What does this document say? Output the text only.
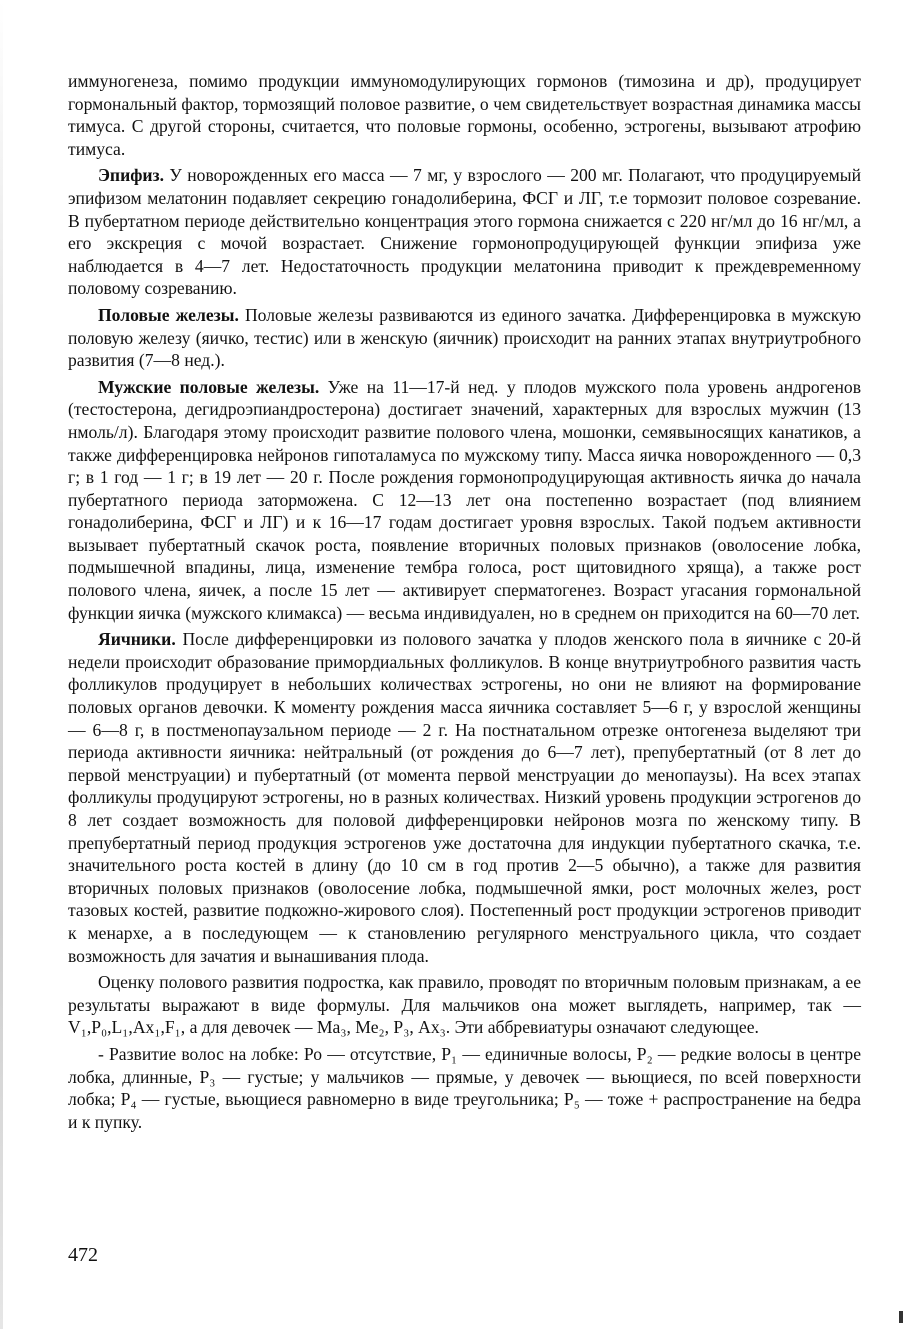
иммуногенеза, помимо продукции иммуномодулирующих гормонов (тимозина и др), продуцирует гормональный фактор, тормозящий половое развитие, о чем свидетельствует возрастная динамика массы тимуса. С другой стороны, считается, что половые гормоны, особенно, эстрогены, вызывают атрофию тимуса.

Эпифиз. У новорожденных его масса — 7 мг, у взрослого — 200 мг. Полагают, что продуцируемый эпифизом мелатонин подавляет секрецию гонадолиберина, ФСГ и ЛГ, т.е тормозит половое созревание. В пубертатном периоде действительно концентрация этого гормона снижается с 220 нг/мл до 16 нг/мл, а его экскреция с мочой возрастает. Снижение гормонопродуцирующей функции эпифиза уже наблюдается в 4—7 лет. Недостаточность продукции мелатонина приводит к преждевременному половому созреванию.

Половые железы. Половые железы развиваются из единого зачатка. Дифференцировка в мужскую половую железу (яичко, тестис) или в женскую (яичник) происходит на ранних этапах внутриутробного развития (7—8 нед.).

Мужские половые железы. Уже на 11—17-й нед. у плодов мужского пола уровень андрогенов (тестостерона, дегидроэпиандростерона) достигает значений, характерных для взрослых мужчин (13 нмоль/л). Благодаря этому происходит развитие полового члена, мошонки, семявыносящих канатиков, а также дифференцировка нейронов гипоталамуса по мужскому типу. Масса яичка новорожденного — 0,3 г; в 1 год — 1 г; в 19 лет — 20 г. После рождения гормонопродуцирующая активность яичка до начала пубертатного периода заторможена. С 12—13 лет она постепенно возрастает (под влиянием гонадолиберина, ФСГ и ЛГ) и к 16—17 годам достигает уровня взрослых. Такой подъем активности вызывает пубертатный скачок роста, появление вторичных половых признаков (оволосение лобка, подмышечной впадины, лица, изменение тембра голоса, рост щитовидного хряща), а также рост полового члена, яичек, а после 15 лет — активирует сперматогенез. Возраст угасания гормональной функции яичка (мужского климакса) — весьма индивидуален, но в среднем он приходится на 60—70 лет.

Яичники. После дифференцировки из полового зачатка у плодов женского пола в яичнике с 20-й недели происходит образование примордиальных фолликулов. В конце внутриутробного развития часть фолликулов продуцирует в небольших количествах эстрогены, но они не влияют на формирование половых органов девочки. К моменту рождения масса яичника составляет 5—6 г, у взрослой женщины — 6—8 г, в постменопаузальном периоде — 2 г. На постнатальном отрезке онтогенеза выделяют три периода активности яичника: нейтральный (от рождения до 6—7 лет), препубертатный (от 8 лет до первой менструации) и пубертатный (от момента первой менструации до менопаузы). На всех этапах фолликулы продуцируют эстрогены, но в разных количествах. Низкий уровень продукции эстрогенов до 8 лет создает возможность для половой дифференцировки нейронов мозга по женскому типу. В препубертатный период продукция эстрогенов уже достаточна для индукции пубертатного скачка, т.е. значительного роста костей в длину (до 10 см в год против 2—5 обычно), а также для развития вторичных половых признаков (оволосение лобка, подмышечной ямки, рост молочных желез, рост тазовых костей, развитие подкожно-жирового слоя). Постепенный рост продукции эстрогенов приводит к менархе, а в последующем — к становлению регулярного менструального цикла, что создает возможность для зачатия и вынашивания плода.

Оценку полового развития подростка, как правило, проводят по вторичным половым признакам, а ее результаты выражают в виде формулы. Для мальчиков она может выглядеть, например, так —V₁,Р₀,L₁,Ах₁,F₁, а для девочек — Ма₃, Ме₂, Р₃, Ах₃. Эти аббревиатуры означают следующее.

- Развитие волос на лобке: Ро — отсутствие, Р₁ — единичные волосы, Р₂ — редкие волосы в центре лобка, длинные, Р₃ — густые; у мальчиков — прямые, у девочек — вьющиеся, по всей поверхности лобка; Р₄ — густые, вьющиеся равномерно в виде треугольника; Р₅ — тоже + распространение на бедра и к пупку.

472
